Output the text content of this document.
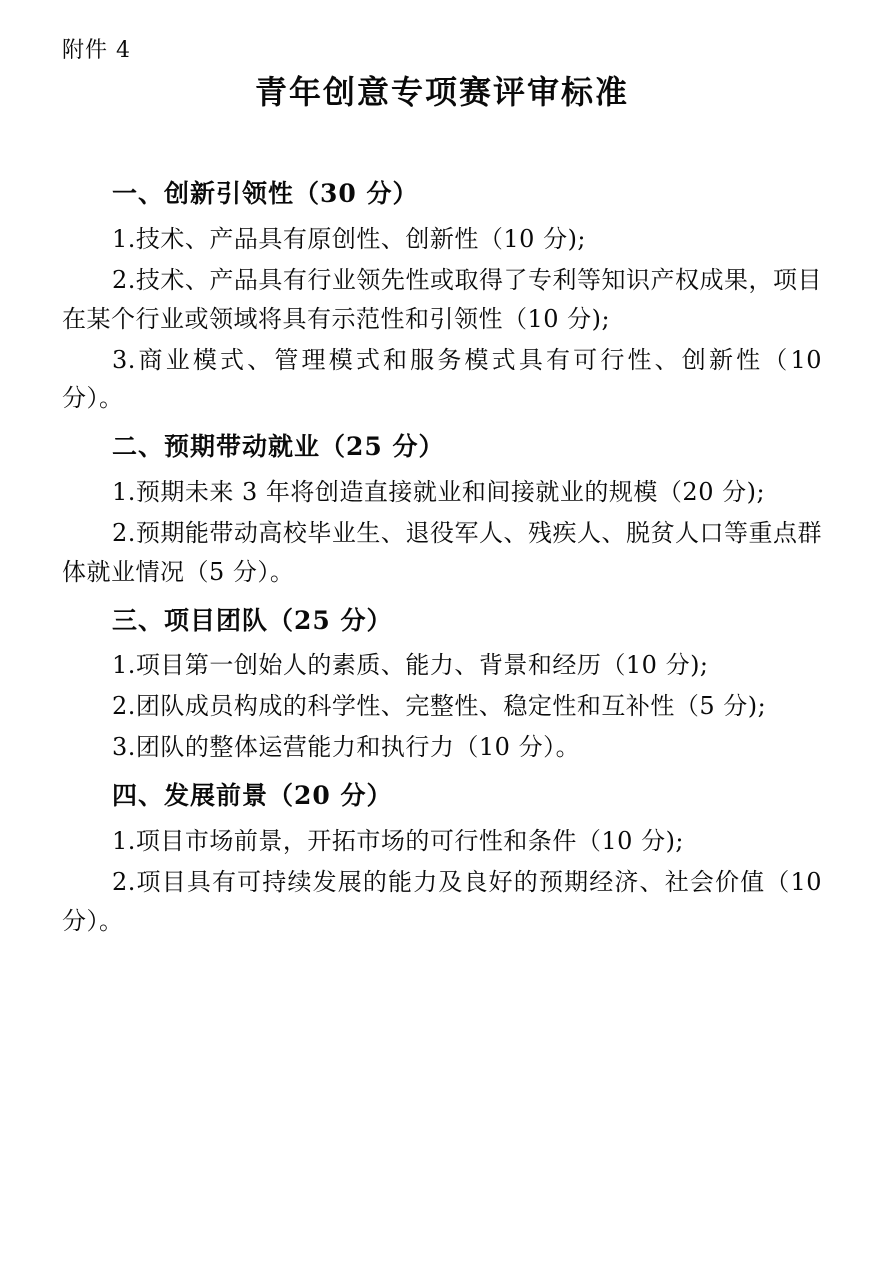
附件 4
青年创意专项赛评审标准
一、创新引领性（30 分）

1.技术、产品具有原创性、创新性（10 分);

2.技术、产品具有行业领先性或取得了专利等知识产权成果，项目在某个行业或领域将具有示范性和引领性（10 分);

3.商业模式、管理模式和服务模式具有可行性、创新性（10 分）。

二、预期带动就业（25 分）

1.预期未来 3 年将创造直接就业和间接就业的规模（20 分);

2.预期能带动高校毕业生、退役军人、残疾人、脱贫人口等重点群体就业情况（5 分）。

三、项目团队（25 分）

1.项目第一创始人的素质、能力、背景和经历（10 分);

2.团队成员构成的科学性、完整性、稳定性和互补性（5 分);

3.团队的整体运营能力和执行力（10 分）。

四、发展前景（20 分）

1.项目市场前景，开拓市场的可行性和条件（10 分);

2.项目具有可持续发展的能力及良好的预期经济、社会价值（10 分）。
